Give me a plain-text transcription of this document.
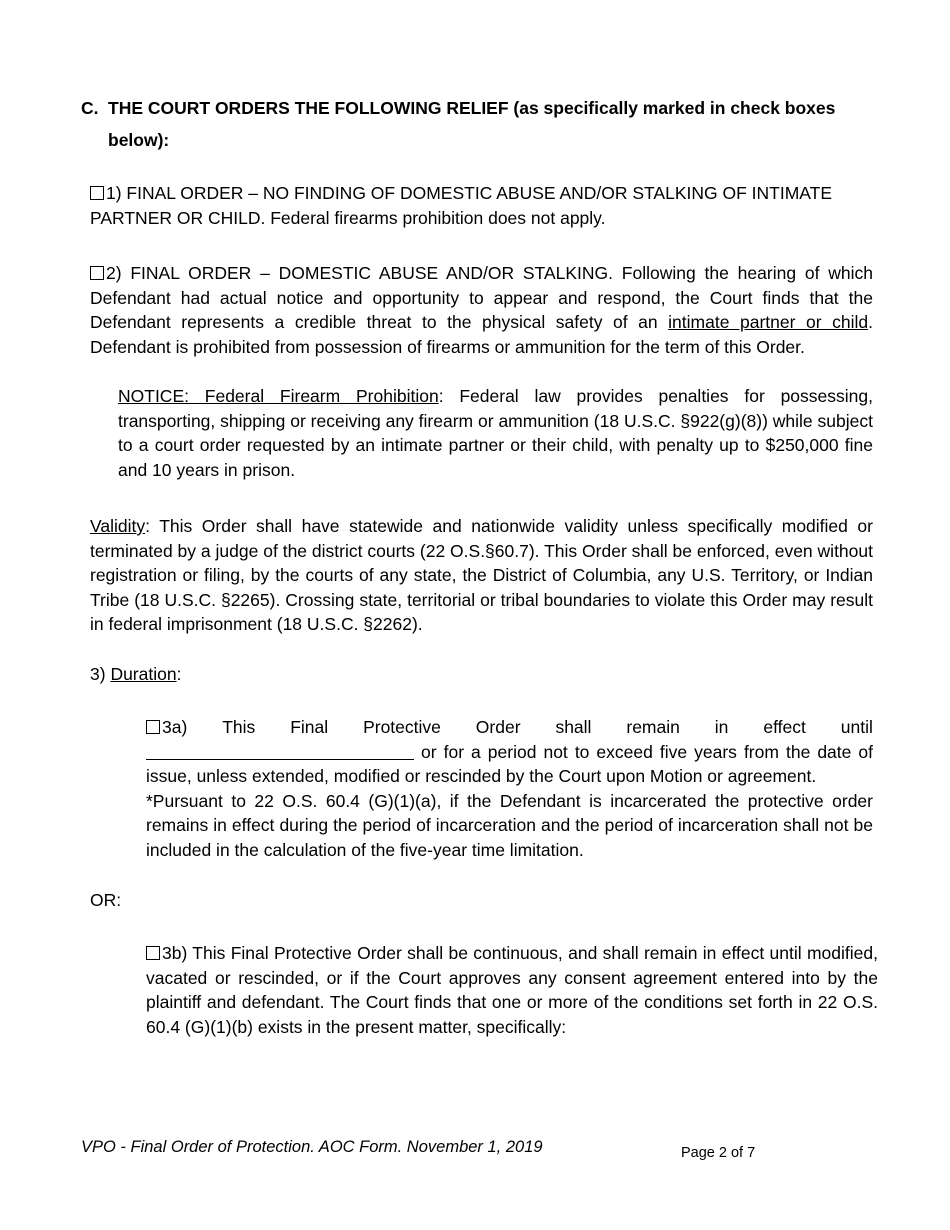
C. THE COURT ORDERS THE FOLLOWING RELIEF (as specifically marked in check boxes below):
1) FINAL ORDER – NO FINDING OF DOMESTIC ABUSE AND/OR STALKING OF INTIMATE PARTNER OR CHILD. Federal firearms prohibition does not apply.
2) FINAL ORDER – DOMESTIC ABUSE AND/OR STALKING. Following the hearing of which Defendant had actual notice and opportunity to appear and respond, the Court finds that the Defendant represents a credible threat to the physical safety of an intimate partner or child. Defendant is prohibited from possession of firearms or ammunition for the term of this Order.
NOTICE: Federal Firearm Prohibition: Federal law provides penalties for possessing, transporting, shipping or receiving any firearm or ammunition (18 U.S.C. §922(g)(8)) while subject to a court order requested by an intimate partner or their child, with penalty up to $250,000 fine and 10 years in prison.
Validity: This Order shall have statewide and nationwide validity unless specifically modified or terminated by a judge of the district courts (22 O.S.§60.7). This Order shall be enforced, even without registration or filing, by the courts of any state, the District of Columbia, any U.S. Territory, or Indian Tribe (18 U.S.C. §2265). Crossing state, territorial or tribal boundaries to violate this Order may result in federal imprisonment (18 U.S.C. §2262).
3) Duration:
3a) This Final Protective Order shall remain in effect until
or for a period not to exceed five years from the date of issue, unless extended, modified or rescinded by the Court upon Motion or agreement.
*Pursuant to 22 O.S. 60.4 (G)(1)(a), if the Defendant is incarcerated the protective order remains in effect during the period of incarceration and the period of incarceration shall not be included in the calculation of the five-year time limitation.
OR:
3b) This Final Protective Order shall be continuous, and shall remain in effect until modified, vacated or rescinded, or if the Court approves any consent agreement entered into by the plaintiff and defendant. The Court finds that one or more of the conditions set forth in 22 O.S. 60.4 (G)(1)(b) exists in the present matter, specifically:
VPO - Final Order of Protection. AOC Form. November 1, 2019	Page 2 of 7
